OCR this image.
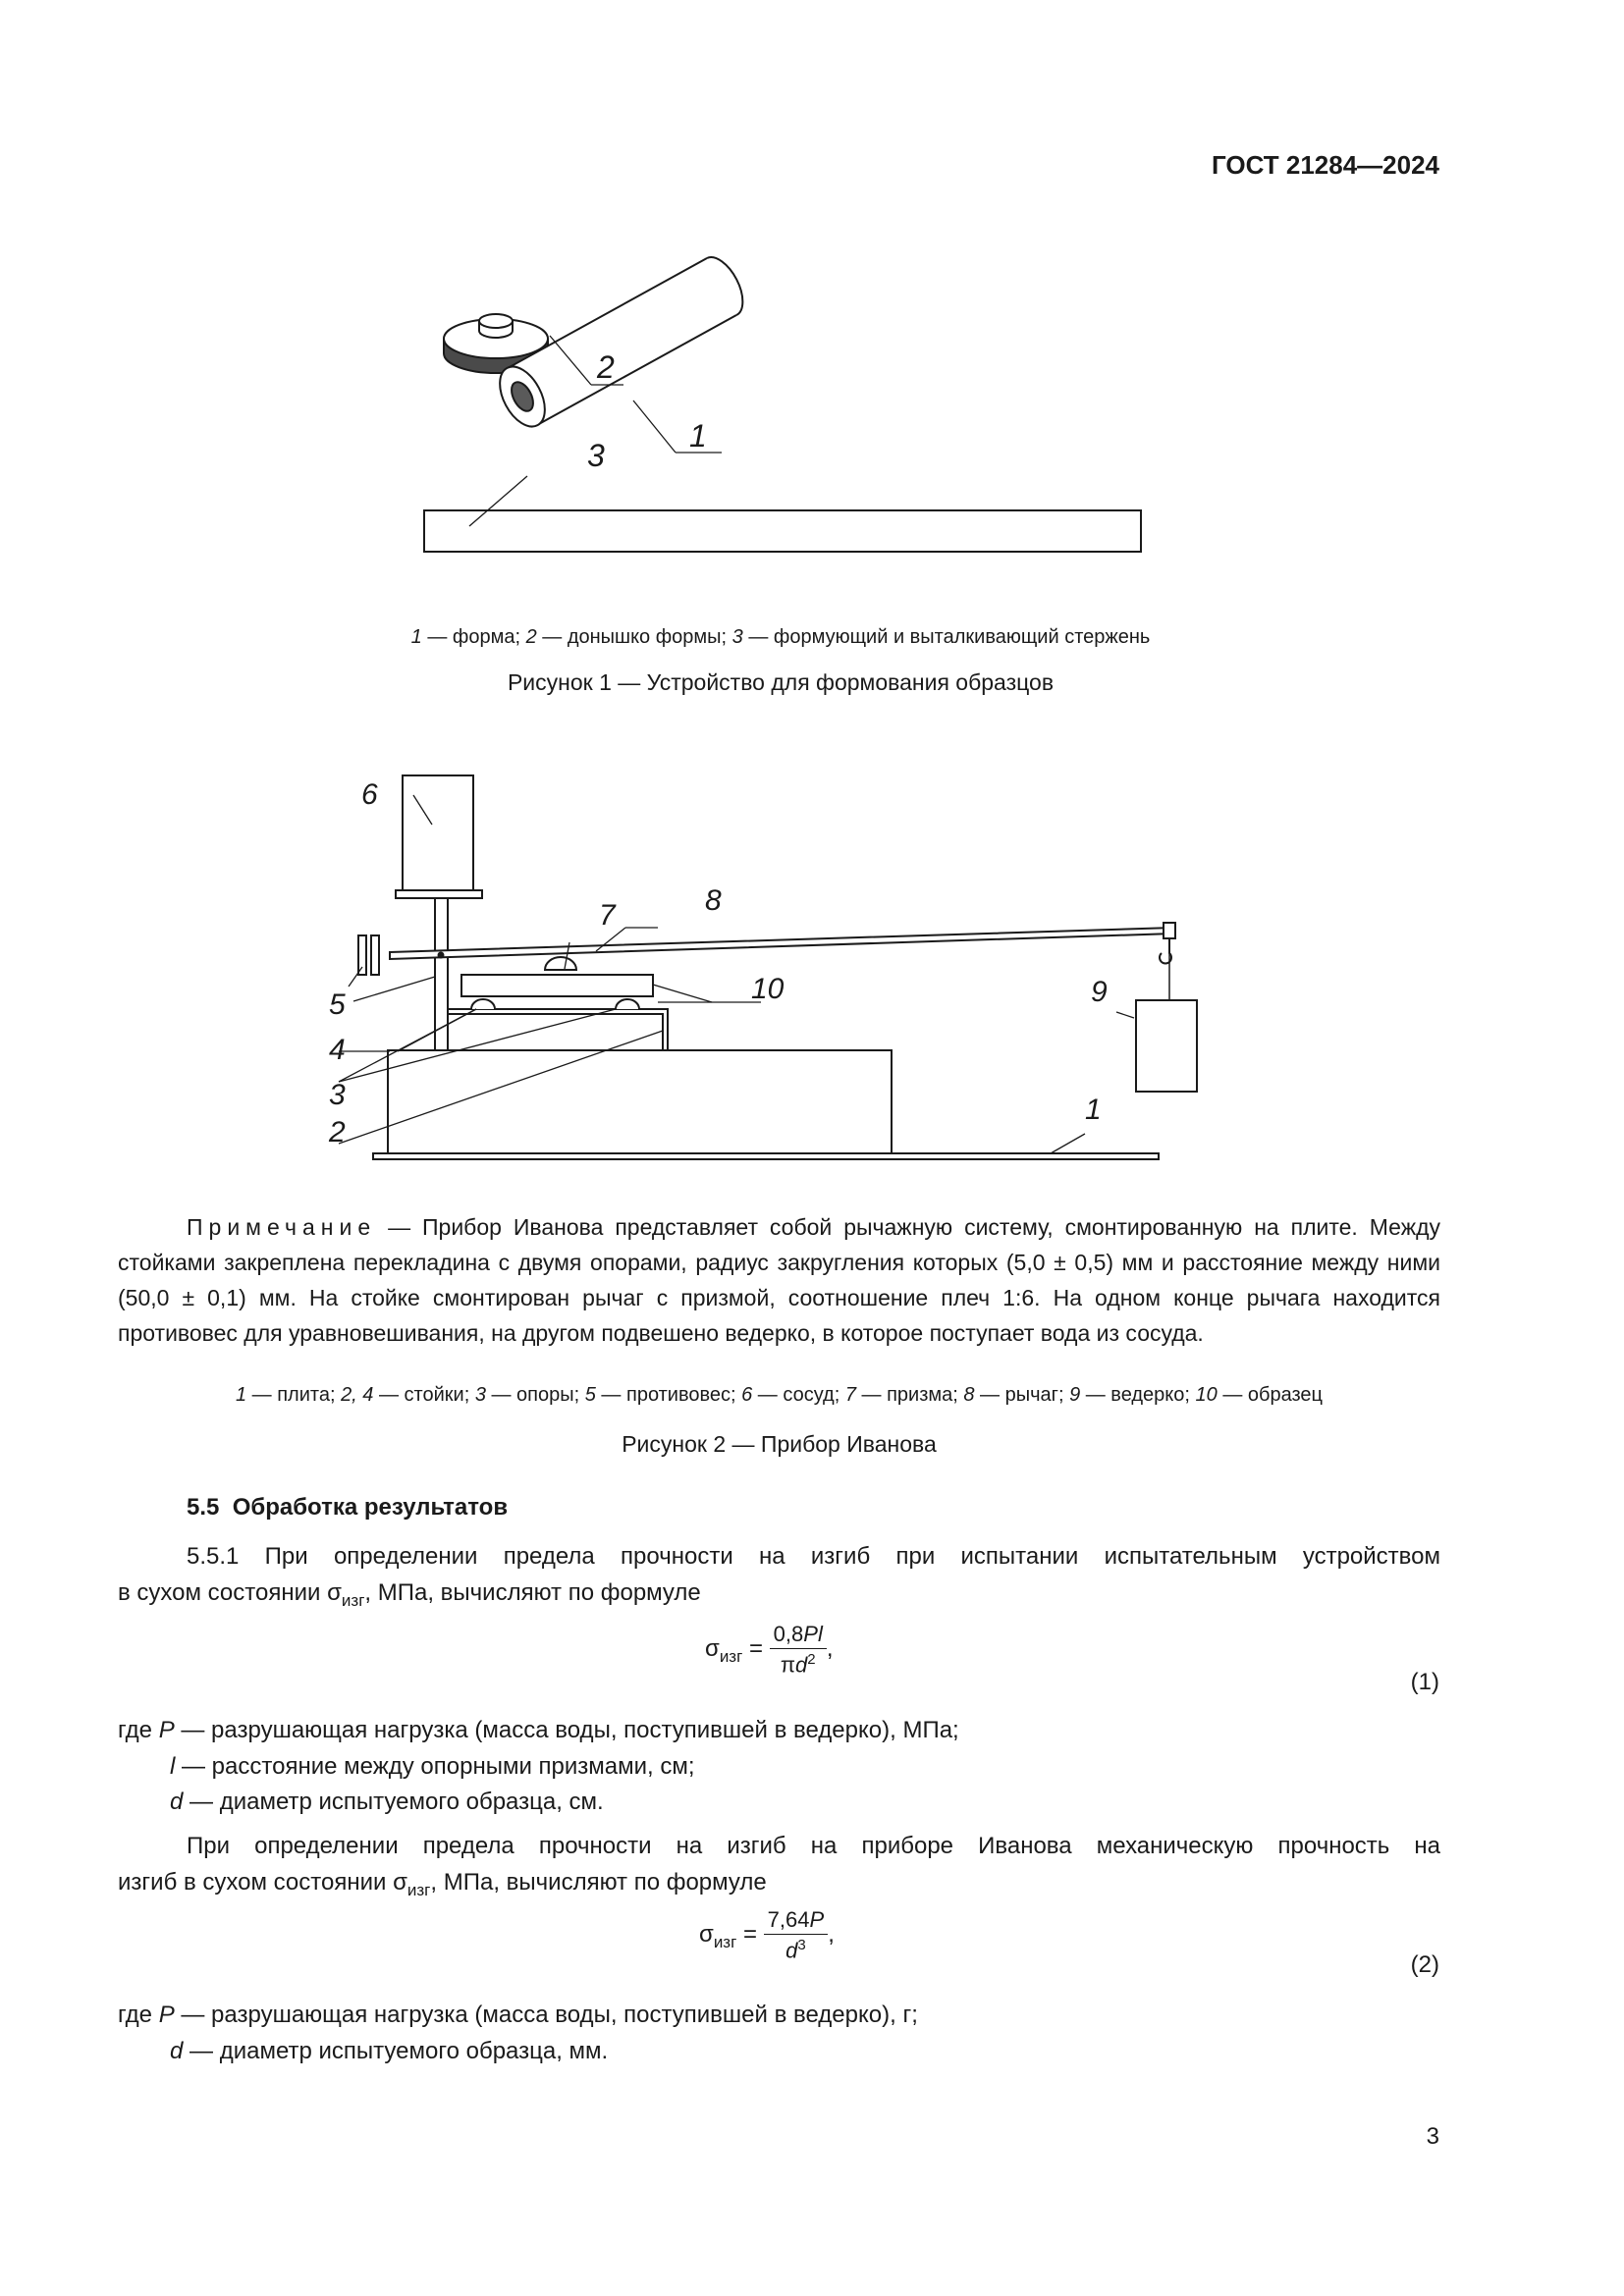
ГОСТ 21284—2024
1
2
3
1 — форма; 2 — донышко формы; 3 — формующий и выталкивающий стержень
Рисунок 1 — Устройство для формования образцов
1
2
3
4
5
6
7	8
9
10
Примечание — Прибор Иванова представляет собой рычажную систему, смонтированную на плите. Между стойками закреплена перекладина с двумя опорами, радиус закругления которых (5,0 ± 0,5) мм и расстояние между ними (50,0 ± 0,1) мм. На стойке смонтирован рычаг с призмой, соотношение плеч 1:6. На одном конце рычага находится противовес для уравновешивания, на другом подвешено ведерко, в которое поступает вода из сосуда.
1 — плита; 2, 4 — стойки; 3 — опоры; 5 — противовес; 6 — сосуд; 7 — призма; 8 — рычаг; 9 — ведерко; 10 — образец
Рисунок 2 — Прибор Иванова
5.5  Обработка результатов
5.5.1 При определении предела прочности на изгиб при испытании испытательным устройством
в сухом состоянии $\sigma_{изг}$, МПа, вычисляют по формуле
$\sigma_{изг} = \frac{0,8Pl}{\pi d^2}$ ,
(1)
где P — разрушающая нагрузка (масса воды, поступившей в ведерко), МПа;
l — расстояние между опорными призмами, см;
d — диаметр испытуемого образца, см.
При определении предела прочности на изгиб на приборе Иванова механическую прочность на
изгиб в сухом состоянии $\sigma_{изг}$, МПа, вычисляют по формуле
$\sigma_{изг} = \frac{7,64P}{d^3}$ ,
(2)
где P — разрушающая нагрузка (масса воды, поступившей в ведерко), г;
d — диаметр испытуемого образца, мм.
3
